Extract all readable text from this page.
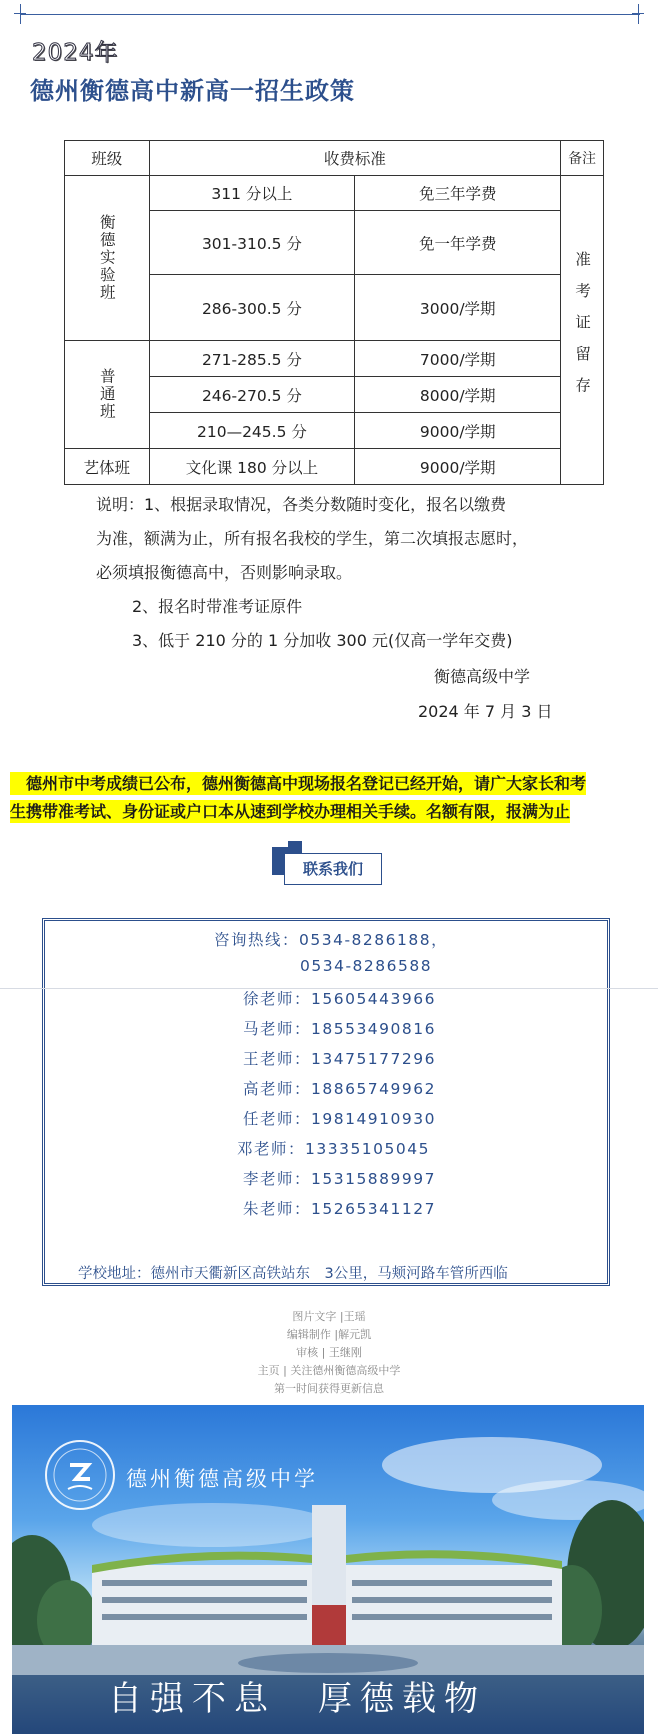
2024年
德州衡德高中新高一招生政策
班级	收费标准		备注

衡德实验班	311 分以上	免三年学费	准考证留存

	301-310.5 分	免一年学费	
	286-300.5 分	3000/学期	

普通班	271-285.5 分	7000/学期	
	246-270.5 分	8000/学期	
	210—245.5 分	9000/学期	
艺体班	文化课 180 分以上	9000/学期	

说明：1、根据录取情况，各类分数随时变化，报名以缴费

为准，额满为止，所有报名我校的学生，第二次填报志愿时，

必须填报衡德高中，否则影响录取。

2、报名时带准考证原件

3、低于 210 分的 1 分加收 300 元(仅高一学年交费)

衡德高级中学
2024 年 7 月 3 日
　德州市中考成绩已公布，德州衡德高中现场报名登记已经开始，请广大家长和考
生携带准考试、身份证或户口本从速到学校办理相关手续。名额有限，报满为止
联系我们
咨询热线：0534-8286188，
0534-8286588
徐老师：15605443966
马老师：18553490816
王老师：13475177296
高老师：18865749962
任老师：19814910930
邓老师：13335105045
李老师：15315889997
朱老师：15265341127
学校地址：德州市天衢新区高铁站东　3公里，马颊河路车管所西临
图片文字 |王瑶
编辑制作 |解元凯
审核 | 王继刚
主页 | 关注德州衡德高级中学
第一时间获得更新信息
德州衡德高级中学
自强不息　厚德载物
